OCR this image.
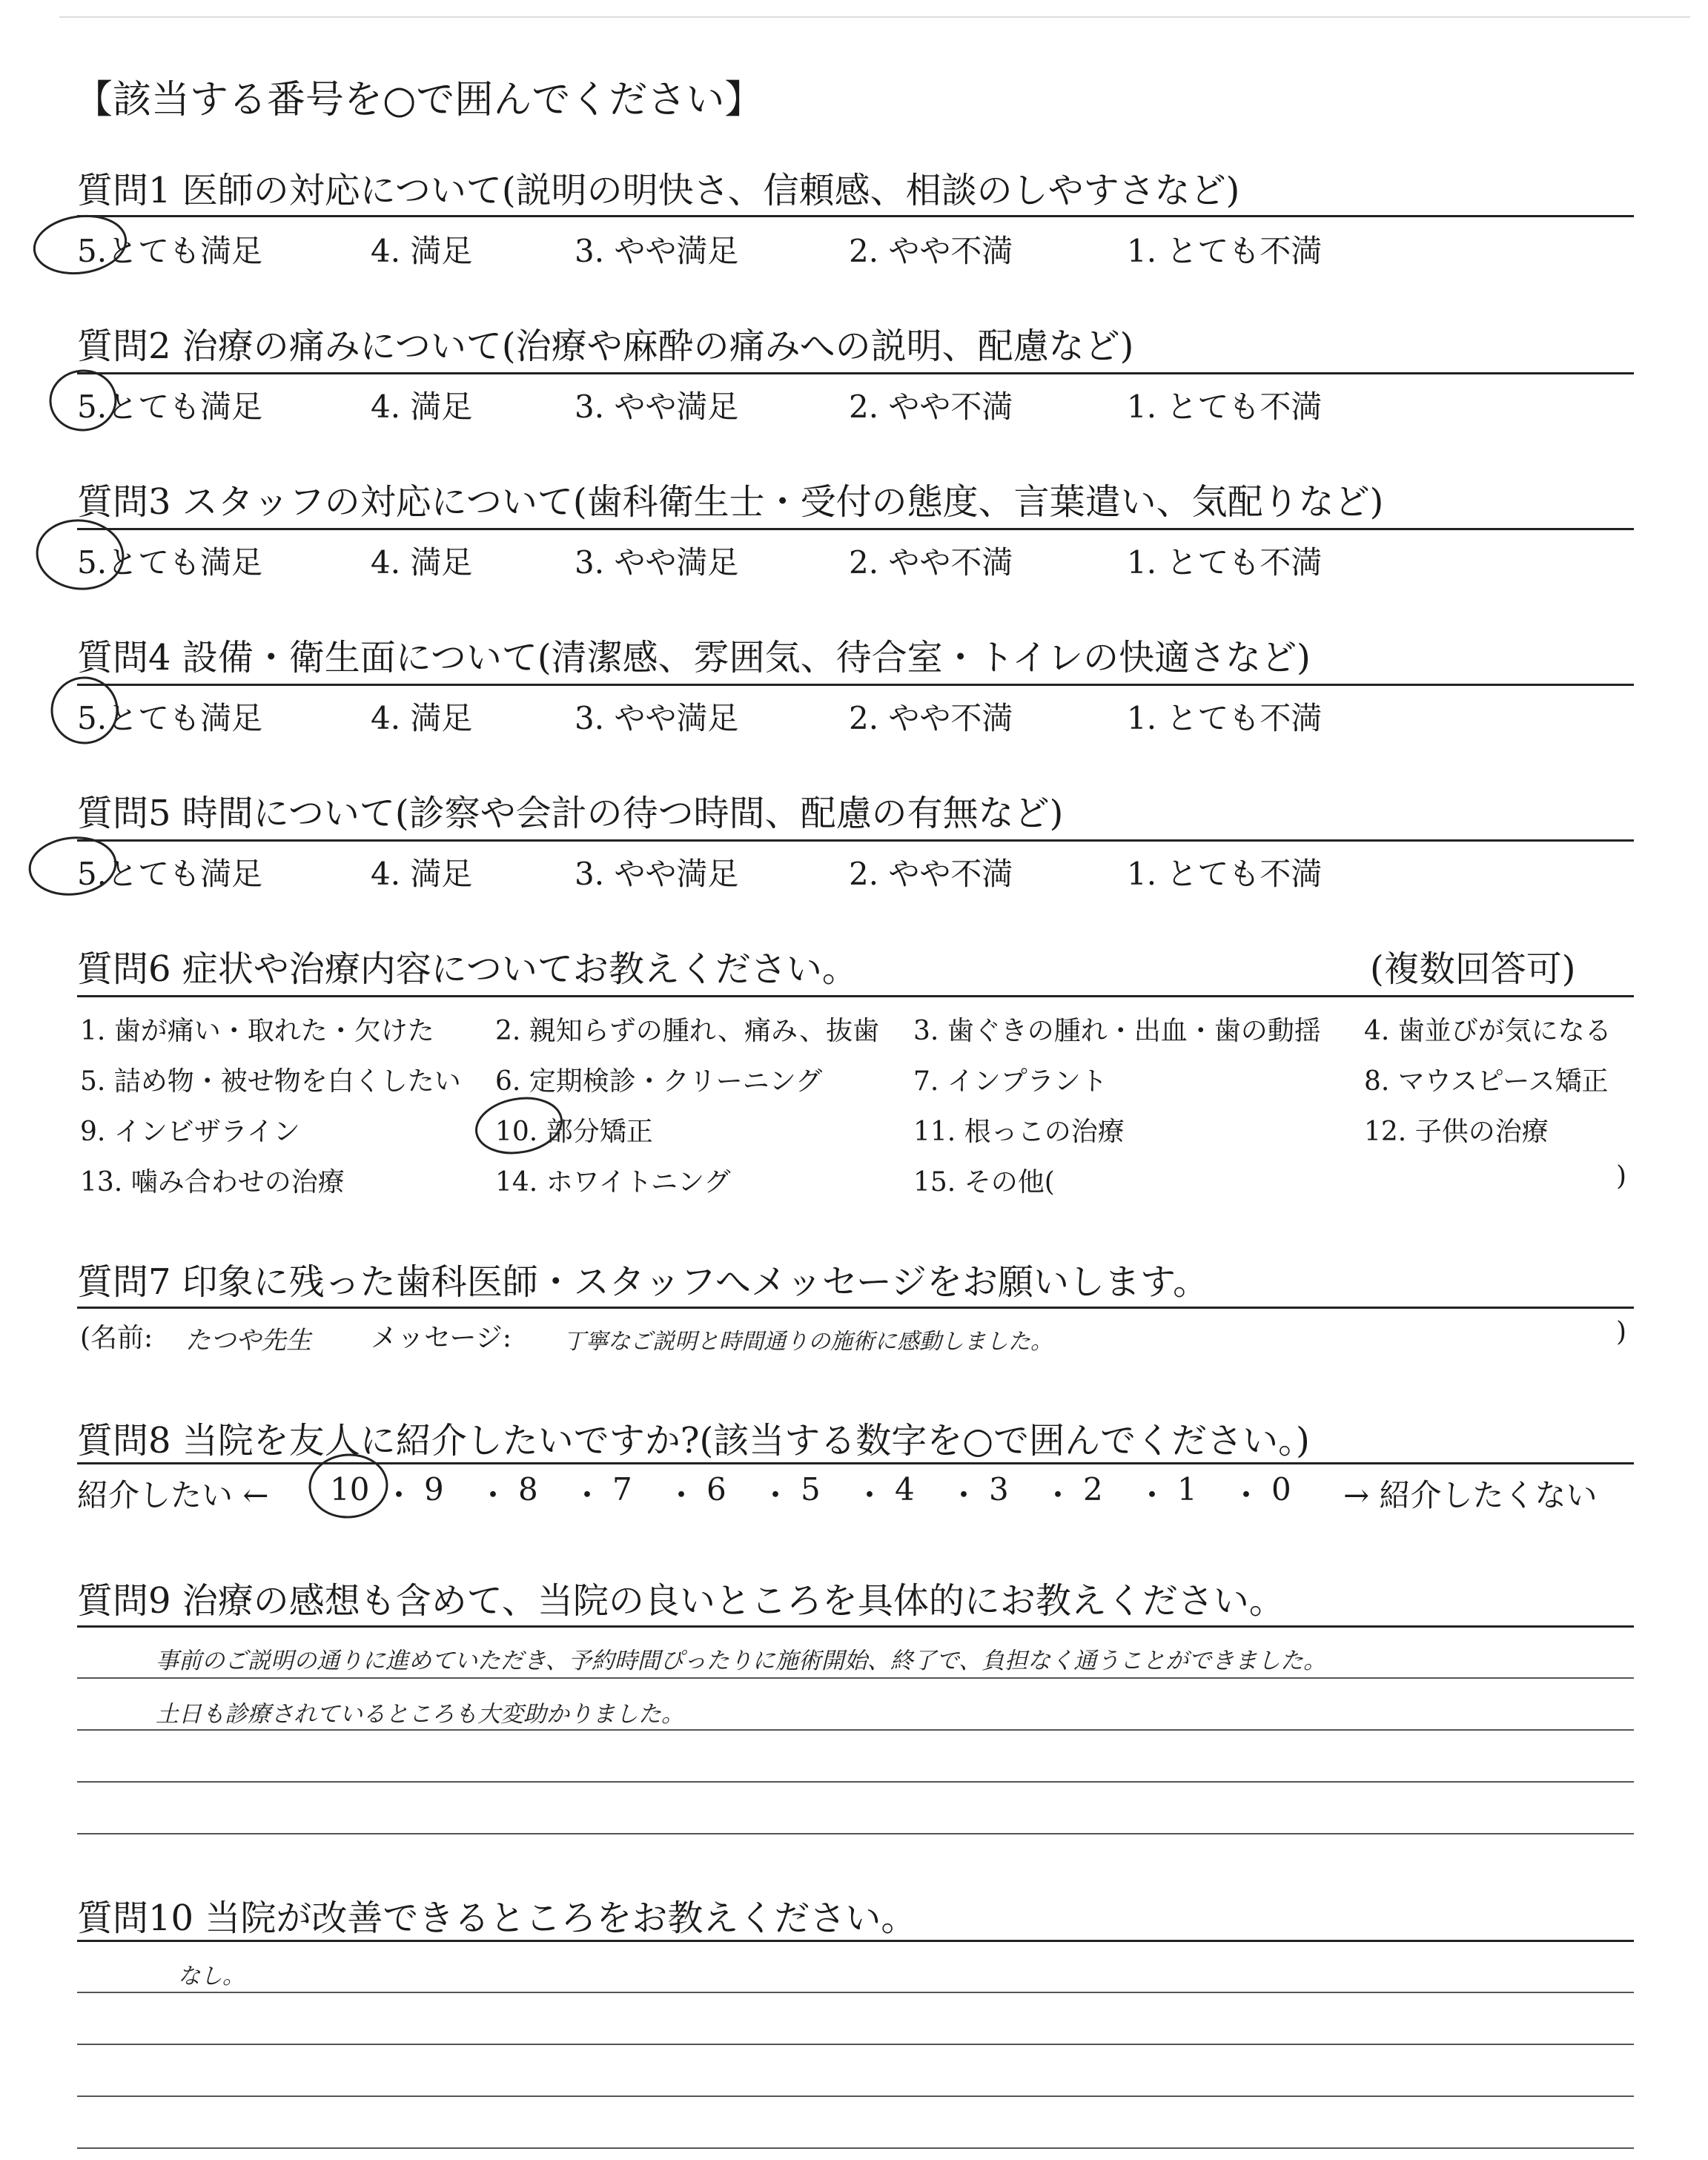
【該当する番号を○で囲んでください】
質問1 医師の対応について(説明の明快さ、信頼感、相談のしやすさなど)
5.とても満足	4. 満足	3. やや満足	2. やや不満	1. とても不満
質問2 治療の痛みについて(治療や麻酔の痛みへの説明、配慮など)
5.とても満足	4. 満足	3. やや満足	2. やや不満	1. とても不満
質問3 スタッフの対応について(歯科衛生士・受付の態度、言葉遣い、気配りなど)
5.とても満足	4. 満足	3. やや満足	2. やや不満	1. とても不満
質問4 設備・衛生面について(清潔感、雰囲気、待合室・トイレの快適さなど)
5.とても満足	4. 満足	3. やや満足	2. やや不満	1. とても不満
質問5 時間について(診察や会計の待つ時間、配慮の有無など)
5.とても満足	4. 満足	3. やや満足	2. やや不満	1. とても不満
質問6 症状や治療内容についてお教えください。	(複数回答可)
1. 歯が痛い・取れた・欠けた 2. 親知らずの腫れ、痛み、抜歯 3. 歯ぐきの腫れ・出血・歯の動揺 4. 歯並びが気になる
5. 詰め物・被せ物を白くしたい 6. 定期検診・クリーニング	7. インプラント	8. マウスピース矯正
9. インビザライン	10. 部分矯正	11. 根っこの治療	12. 子供の治療
13. 噛み合わせの治療	14. ホワイトニング	15. その他(	)
質問7 印象に残った歯科医師・スタッフへメッセージをお願いします。
(名前: たつや先生 メッセージ: 丁寧なご説明と時間通りの施術に感動しました。	)
質問8 当院を友人に紹介したいですか?(該当する数字を○で囲んでください。)
紹介したい ← 10 ・ 9 ・ 8 ・ 7 ・ 6 ・ 5 ・ 4 ・ 3 ・ 2 ・ 1 ・ 0 → 紹介したくない
質問9 治療の感想も含めて、当院の良いところを具体的にお教えください。
事前のご説明の通りに進めていただき、予約時間ぴったりに施術開始、終了で、負担なく通うことができました。
土日も診療されているところも大変助かりました。
質問10 当院が改善できるところをお教えください。
なし。
